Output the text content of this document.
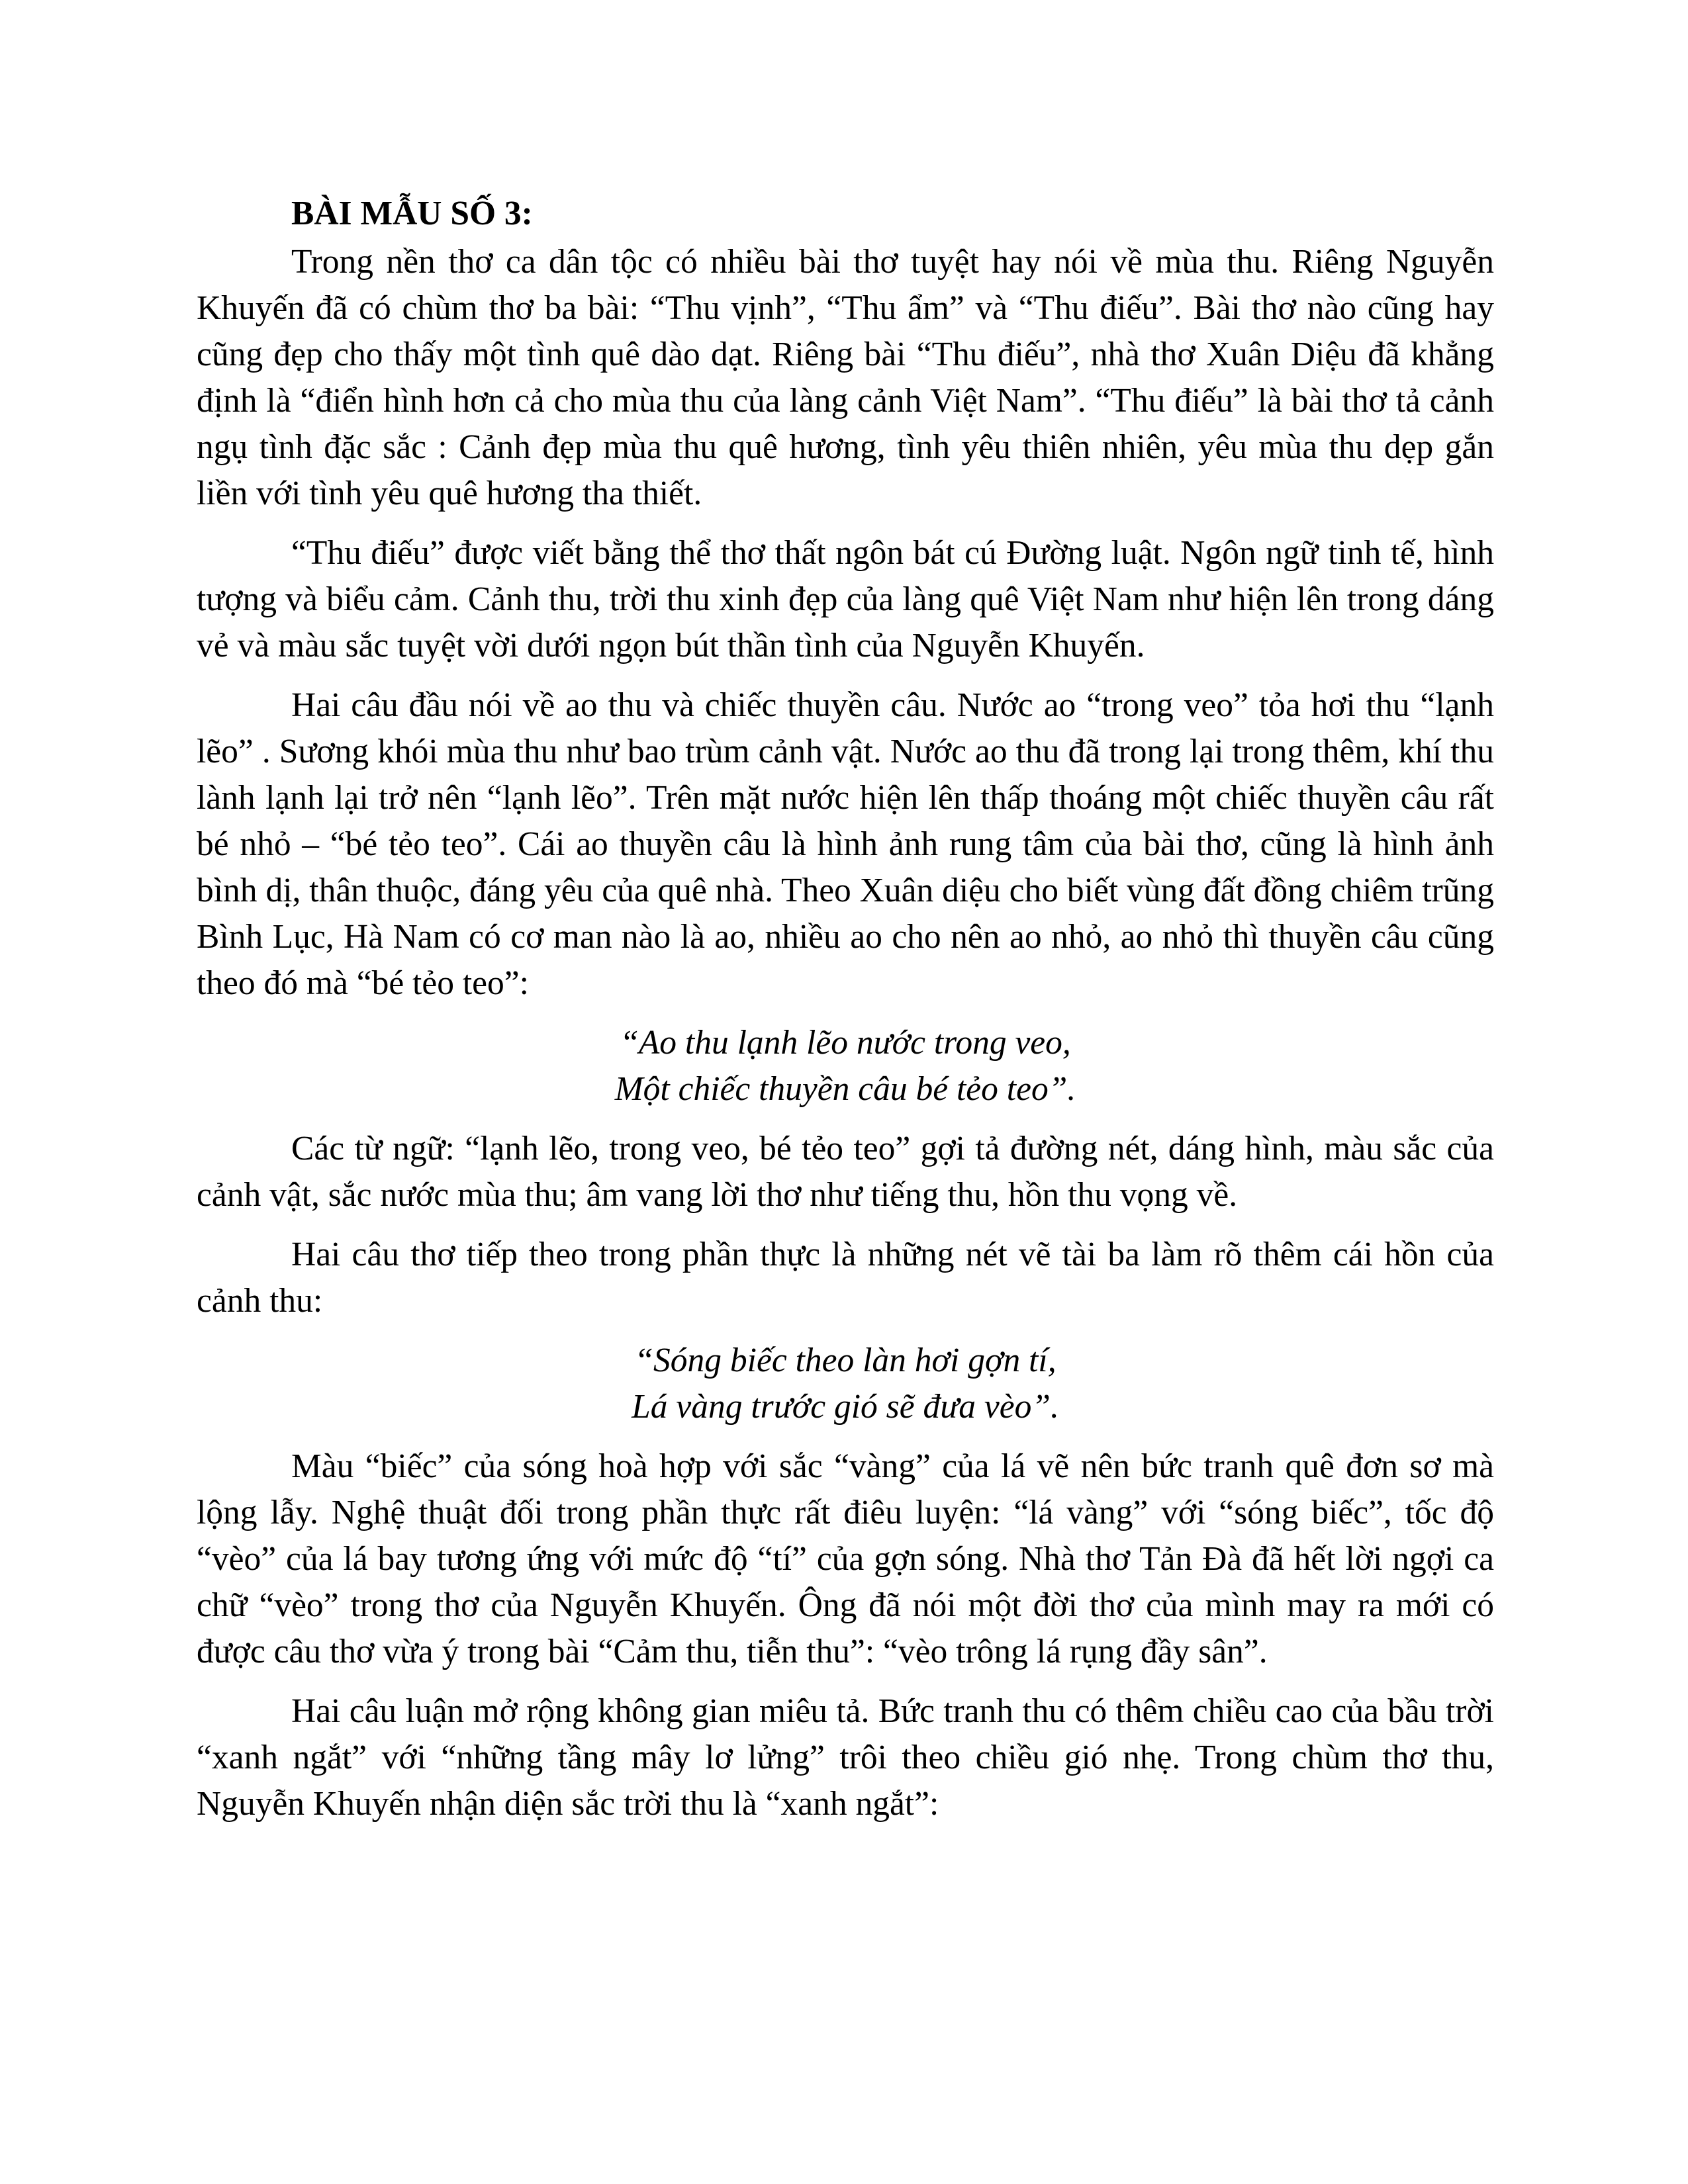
BÀI MẪU SỐ 3:

Trong nền thơ ca dân tộc có nhiều bài thơ tuyệt hay nói về mùa thu. Riêng Nguyễn Khuyến đã có chùm thơ ba bài: “Thu vịnh”, “Thu ẩm” và “Thu điếu”. Bài thơ nào cũng hay cũng đẹp cho thấy một tình quê dào dạt. Riêng bài “Thu điếu”, nhà thơ Xuân Diệu đã khẳng định là “điển hình hơn cả cho mùa thu của làng cảnh Việt Nam”. “Thu điếu” là bài thơ tả cảnh ngụ tình đặc sắc : Cảnh đẹp mùa thu quê hương, tình yêu thiên nhiên, yêu mùa thu dẹp gắn liền với tình yêu quê hương tha thiết.

“Thu điếu” được viết bằng thể thơ thất ngôn bát cú Đường luật. Ngôn ngữ tinh tế, hình tượng và biểu cảm. Cảnh thu, trời thu xinh đẹp của làng quê Việt Nam như hiện lên trong dáng vẻ và màu sắc tuyệt vời dưới ngọn bút thần tình của Nguyễn Khuyến.

Hai câu đầu nói về ao thu và chiếc thuyền câu. Nước ao “trong veo” tỏa hơi thu “lạnh lẽo” . Sương khói mùa thu như bao trùm cảnh vật. Nước ao thu đã trong lại trong thêm, khí thu lành lạnh lại trở nên “lạnh lẽo”. Trên mặt nước hiện lên thấp thoáng một chiếc thuyền câu rất bé nhỏ – “bé tẻo teo”. Cái ao thuyền câu là hình ảnh rung tâm của bài thơ, cũng là hình ảnh bình dị, thân thuộc, đáng yêu của quê nhà. Theo Xuân diệu cho biết vùng đất đồng chiêm trũng Bình Lục, Hà Nam có cơ man nào là ao, nhiều ao cho nên ao nhỏ, ao nhỏ thì thuyền câu cũng theo đó mà “bé tẻo teo”:

“Ao thu lạnh lẽo nước trong veo,
Một chiếc thuyền câu bé tẻo teo”.

Các từ ngữ: “lạnh lẽo, trong veo, bé tẻo teo” gợi tả đường nét, dáng hình, màu sắc của cảnh vật, sắc nước mùa thu; âm vang lời thơ như tiếng thu, hồn thu vọng về.

Hai câu thơ tiếp theo trong phần thực là những nét vẽ tài ba làm rõ thêm cái hồn của cảnh thu:

“Sóng biếc theo làn hơi gợn tí,
Lá vàng trước gió sẽ đưa vèo”.

Màu “biếc” của sóng hoà hợp với sắc “vàng” của lá vẽ nên bức tranh quê đơn sơ mà lộng lẫy. Nghệ thuật đối trong phần thực rất điêu luyện: “lá vàng” với “sóng biếc”, tốc độ “vèo” của lá bay tương ứng với mức độ “tí” của gợn sóng. Nhà thơ Tản Đà đã hết lời ngợi ca chữ “vèo” trong thơ của Nguyễn Khuyến. Ông đã nói một đời thơ của mình may ra mới có được câu thơ vừa ý trong bài “Cảm thu, tiễn thu”: “vèo trông lá rụng đầy sân”.

Hai câu luận mở rộng không gian miêu tả. Bức tranh thu có thêm chiều cao của bầu trời “xanh ngắt” với “những tầng mây lơ lửng” trôi theo chiều gió nhẹ. Trong chùm thơ thu, Nguyễn Khuyến nhận diện sắc trời thu là “xanh ngắt”:
